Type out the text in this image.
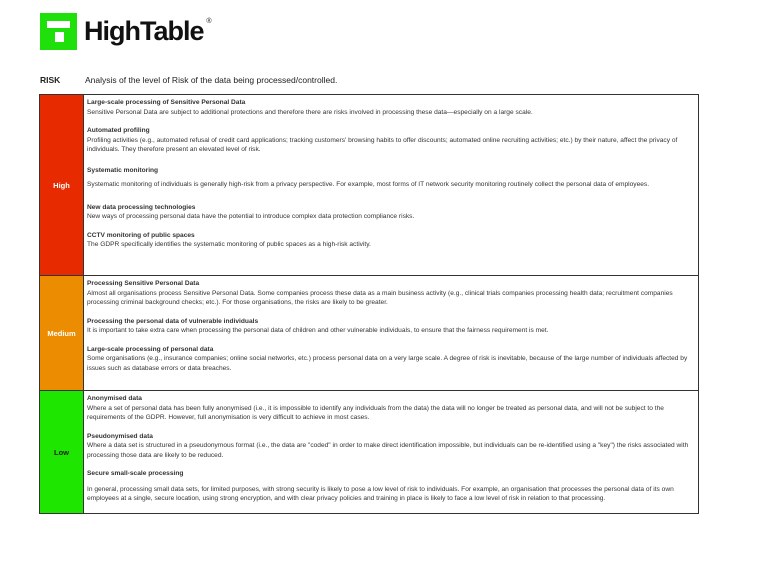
HighTable ®
RISK	Analysis of the level of Risk of the data being processed/controlled.
High
Large-scale processing of Sensitive Personal Data
Sensitive Personal Data are subject to additional protections and therefore there are risks involved in processing these data—especially on a large scale.
Automated profiling
Profiling activities (e.g., automated refusal of credit card applications; tracking customers' browsing habits to offer discounts; automated online recruiting activities; etc.) by their nature, affect the privacy of individuals. They therefore present an elevated level of risk.
Systematic monitoring
Systematic monitoring of individuals is generally high-risk from a privacy perspective. For example, most forms of IT network security monitoring routinely collect the personal data of employees.
New data processing technologies
New ways of processing personal data have the potential to introduce complex data protection compliance risks.
CCTV monitoring of public spaces
The GDPR specifically identifies the systematic monitoring of public spaces as a high-risk activity.
Medium
Processing Sensitive Personal Data
Almost all organisations process Sensitive Personal Data. Some companies process these data as a main business activity (e.g., clinical trials companies processing health data; recruitment companies processing criminal background checks; etc.). For those organisations, the risks are likely to be greater.
Processing the personal data of vulnerable individuals
It is important to take extra care when processing the personal data of children and other vulnerable individuals, to ensure that the fairness requirement is met.
Large-scale processing of personal data
Some organisations (e.g., insurance companies; online social networks, etc.) process personal data on a very large scale. A degree of risk is inevitable, because of the large number of individuals affected by issues such as database errors or data breaches.
Low
Anonymised data
Where a set of personal data has been fully anonymised (i.e., it is impossible to identify any individuals from the data) the data will no longer be treated as personal data, and will not be subject to the requirements of the GDPR. However, full anonymisation is very difficult to achieve in most cases.
Pseudonymised data
Where a data set is structured in a pseudonymous format (i.e., the data are "coded" in order to make direct identification impossible, but individuals can be re-identified using a "key") the risks associated with processing those data are likely to be reduced.
Secure small-scale processing
In general, processing small data sets, for limited purposes, with strong security is likely to pose a low level of risk to individuals. For example, an organisation that processes the personal data of its own employees at a single, secure location, using strong encryption, and with clear privacy policies and training in place is likely to face a low level of risk in relation to that processing.
